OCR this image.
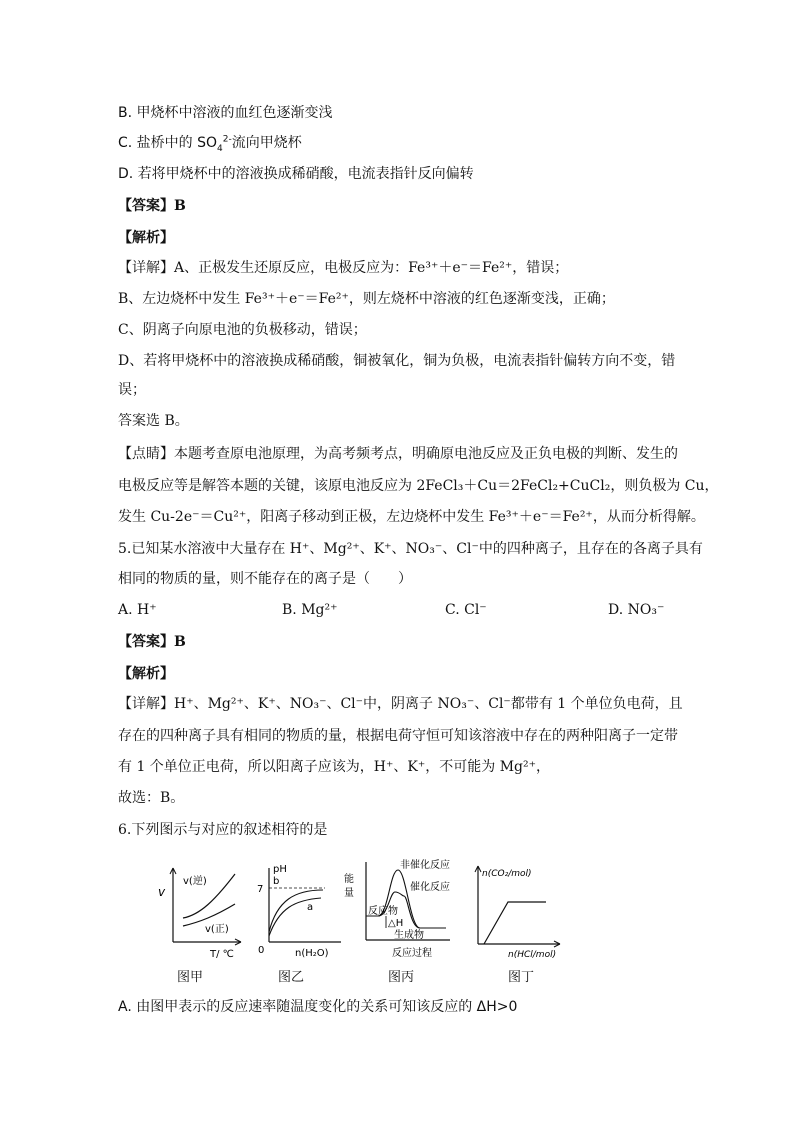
B. 甲烧杯中溶液的血红色逐渐变浅
C. 盐桥中的 $SO_4^{2-}$流向甲烧杯
D. 若将甲烧杯中的溶液换成稀硝酸，电流表指针反向偏转
【答案】B
【解析】
【详解】A、正极发生还原反应，电极反应为：Fe³⁺＋e⁻＝Fe²⁺，错误；
B、左边烧杯中发生 Fe³⁺＋e⁻＝Fe²⁺，则左烧杯中溶液的红色逐渐变浅，正确；
C、阴离子向原电池的负极移动，错误；
D、若将甲烧杯中的溶液换成稀硝酸，铜被氧化，铜为负极，电流表指针偏转方向不变，错
误；
答案选 B。
【点睛】本题考查原电池原理，为高考频考点，明确原电池反应及正负电极的判断、发生的
电极反应等是解答本题的关键，该原电池反应为 2FeCl₃＋Cu＝2FeCl₂+CuCl₂，则负极为 Cu，
发生 Cu-2e⁻＝Cu²⁺，阳离子移动到正极，左边烧杯中发生 Fe³⁺＋e⁻＝Fe²⁺，从而分析得解。
5.已知某水溶液中大量存在 H⁺、Mg²⁺、K⁺、NO₃⁻、Cl⁻中的四种离子，且存在的各离子具有
相同的物质的量，则不能存在的离子是（　　）
A. H⁺	B. Mg²⁺	C. Cl⁻	D. NO₃⁻
【答案】B
【解析】
【详解】H⁺、Mg²⁺、K⁺、NO₃⁻、Cl⁻中，阴离子 NO₃⁻、Cl⁻都带有 1 个单位负电荷，且
存在的四种离子具有相同的物质的量，根据电荷守恒可知该溶液中存在的两种阳离子一定带
有 1 个单位正电荷，所以阳离子应该为，H⁺、K⁺，不可能为 Mg²⁺，
故选：B。
6.下列图示与对应的叙述相符的是
v
v(逆)
v(正)
T/ ℃
图甲
pH
7
b
a
0	n(H₂O)
图乙
能
量
非催化反应
催化反应
反应物
△H
生成物
反应过程
图丙
n(CO₂/mol)
n(HCl/mol)
图丁
A. 由图甲表示的反应速率随温度变化的关系可知该反应的 ΔH>0
